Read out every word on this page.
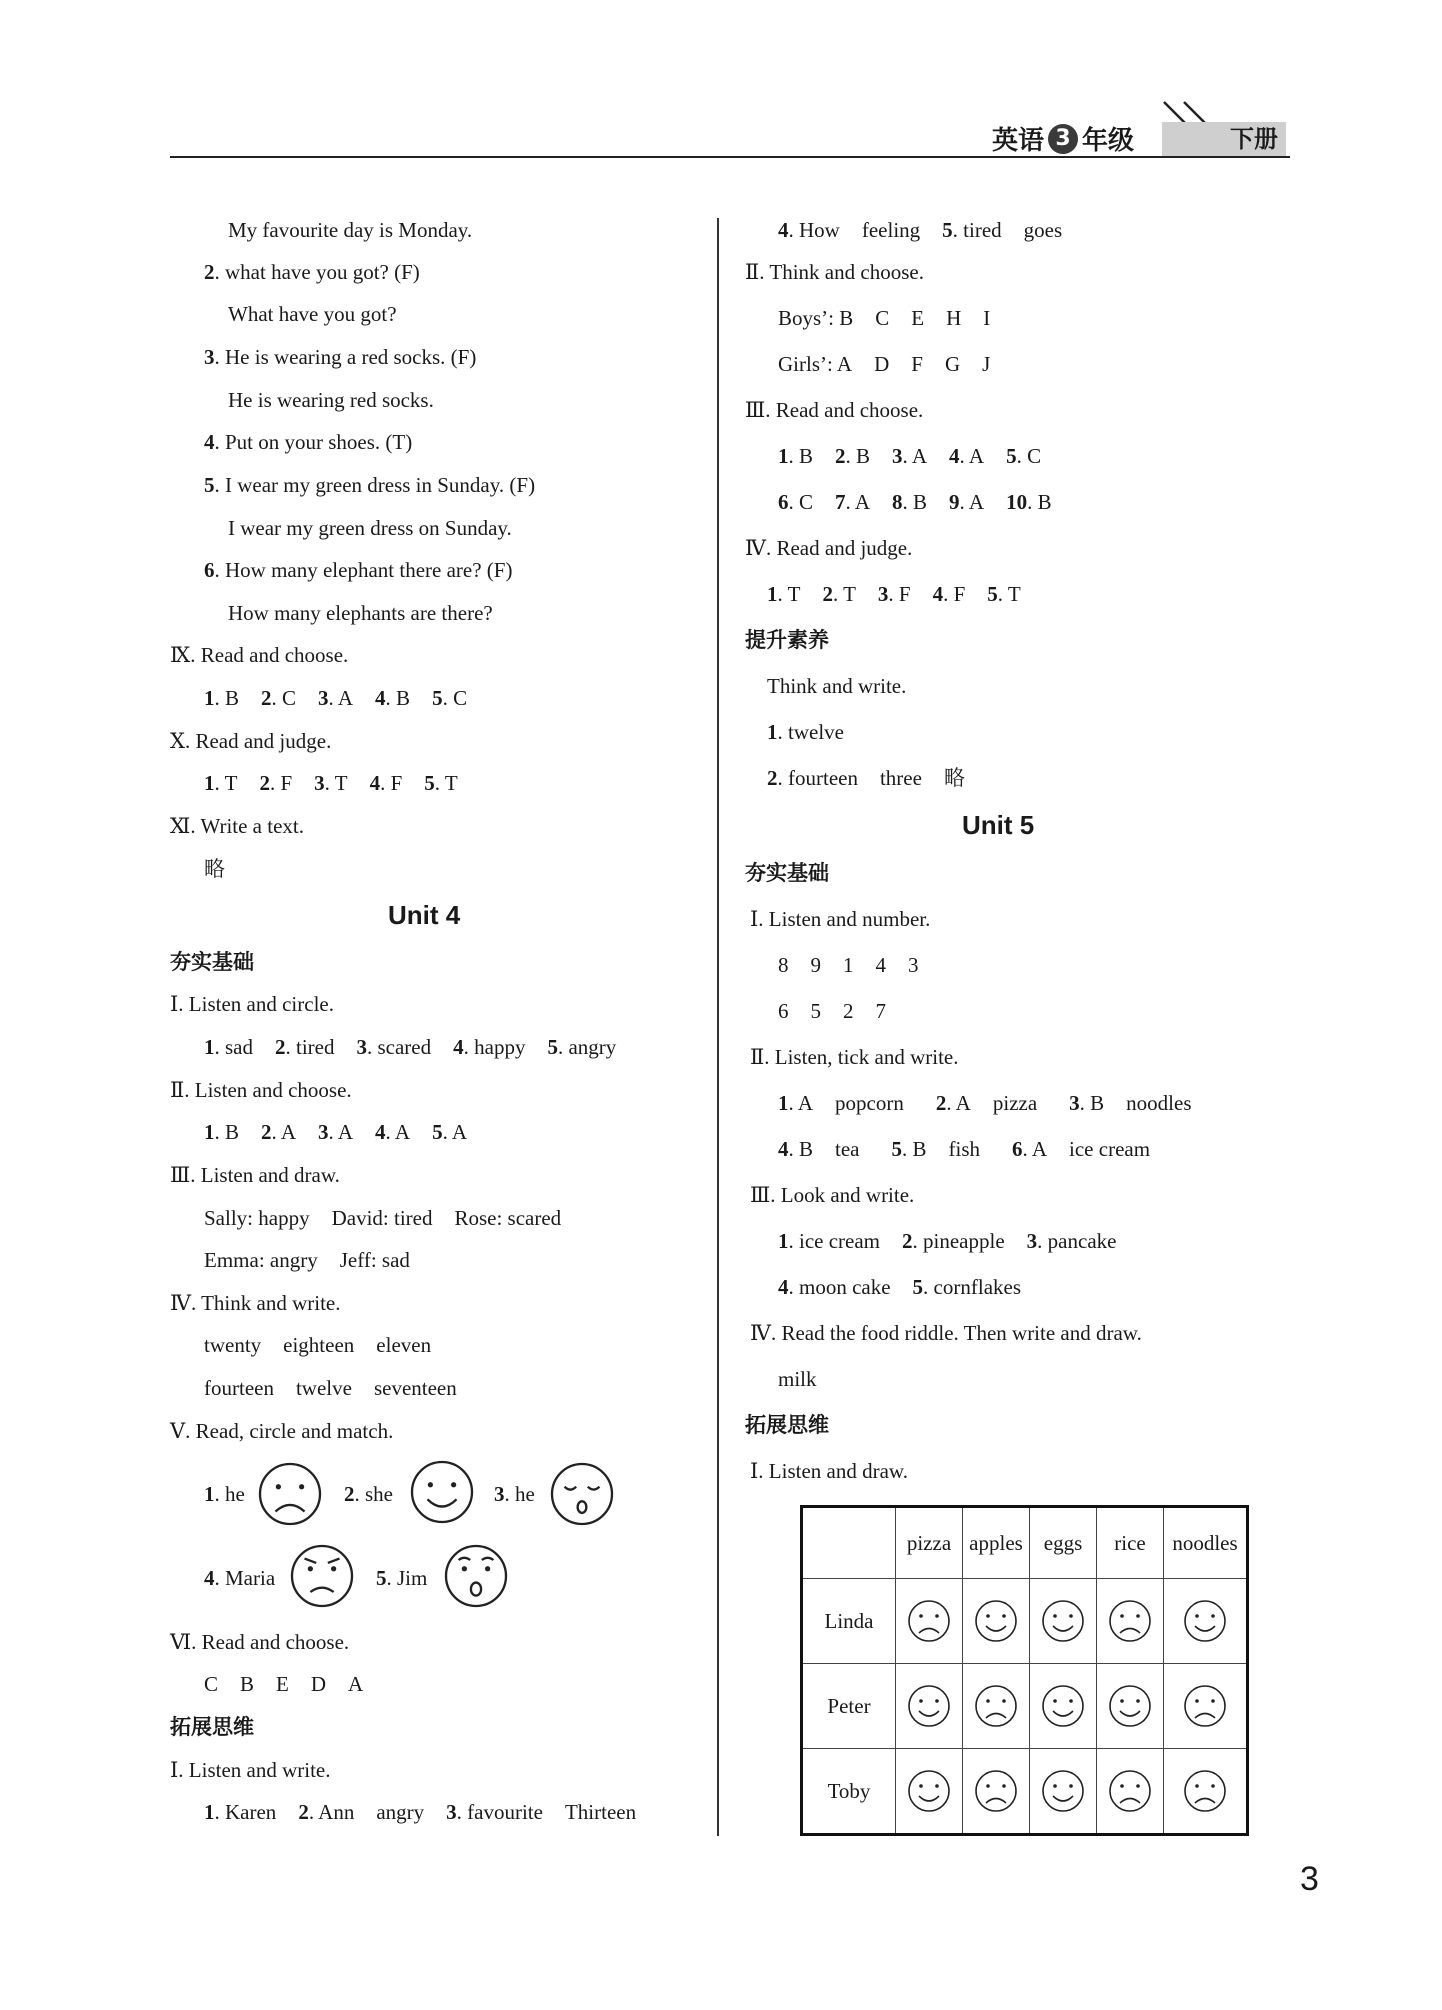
英语 3 年级	下册
My favourite day is Monday.
2. what have you got? (F)
What have you got?
3. He is wearing a red socks. (F)
He is wearing red socks.
4. Put on your shoes. (T)
5. I wear my green dress in Sunday. (F)
I wear my green dress on Sunday.
6. How many elephant there are? (F)
How many elephants are there?
Ⅸ. Read and choose.
1. B 2. C 3. A 4. B 5. C
Ⅹ. Read and judge.
1. T 2. F 3. T 4. F 5. T
Ⅺ. Write a text.
略
Unit 4
夯实基础
Ⅰ. Listen and circle.
1. sad 2. tired 3. scared 4. happy 5. angry
Ⅱ. Listen and choose.
1. B 2. A 3. A 4. A 5. A
Ⅲ. Listen and draw.
Sally: happy David: tired Rose: scared
Emma: angry Jeff: sad
Ⅳ. Think and write.
twenty eighteen eleven
fourteen twelve seventeen
Ⅴ. Read, circle and match.
1. he	2. she	3. he
4. Maria	5. Jim
Ⅵ. Read and choose.
C B E D A
拓展思维
Ⅰ. Listen and write.
1. Karen 2. Ann angry 3. favourite Thirteen
4. How feeling 5. tired goes
Ⅱ. Think and choose.
Boys’: B C E H I
Girls’: A D F G J
Ⅲ. Read and choose.
1. B 2. B 3. A 4. A 5. C
6. C 7. A 8. B 9. A 10. B
Ⅳ. Read and judge.
1. T 2. T 3. F 4. F 5. T
提升素养
Think and write.
1. twelve
2. fourteen three 略
Unit 5
夯实基础
Ⅰ. Listen and number.
8 9 1 4 3
6 5 2 7
Ⅱ. Listen, tick and write.
1. A popcorn 2. A pizza 3. B noodles
4. B tea 5. B fish 6. A ice cream
Ⅲ. Look and write.
1. ice cream 2. pineapple 3. pancake
4. moon cake 5. cornflakes
Ⅳ. Read the food riddle. Then write and draw.
milk
拓展思维
Ⅰ. Listen and draw.
	pizza	apples	eggs	rice	noodles
Linda					
Peter					
Toby					
3
